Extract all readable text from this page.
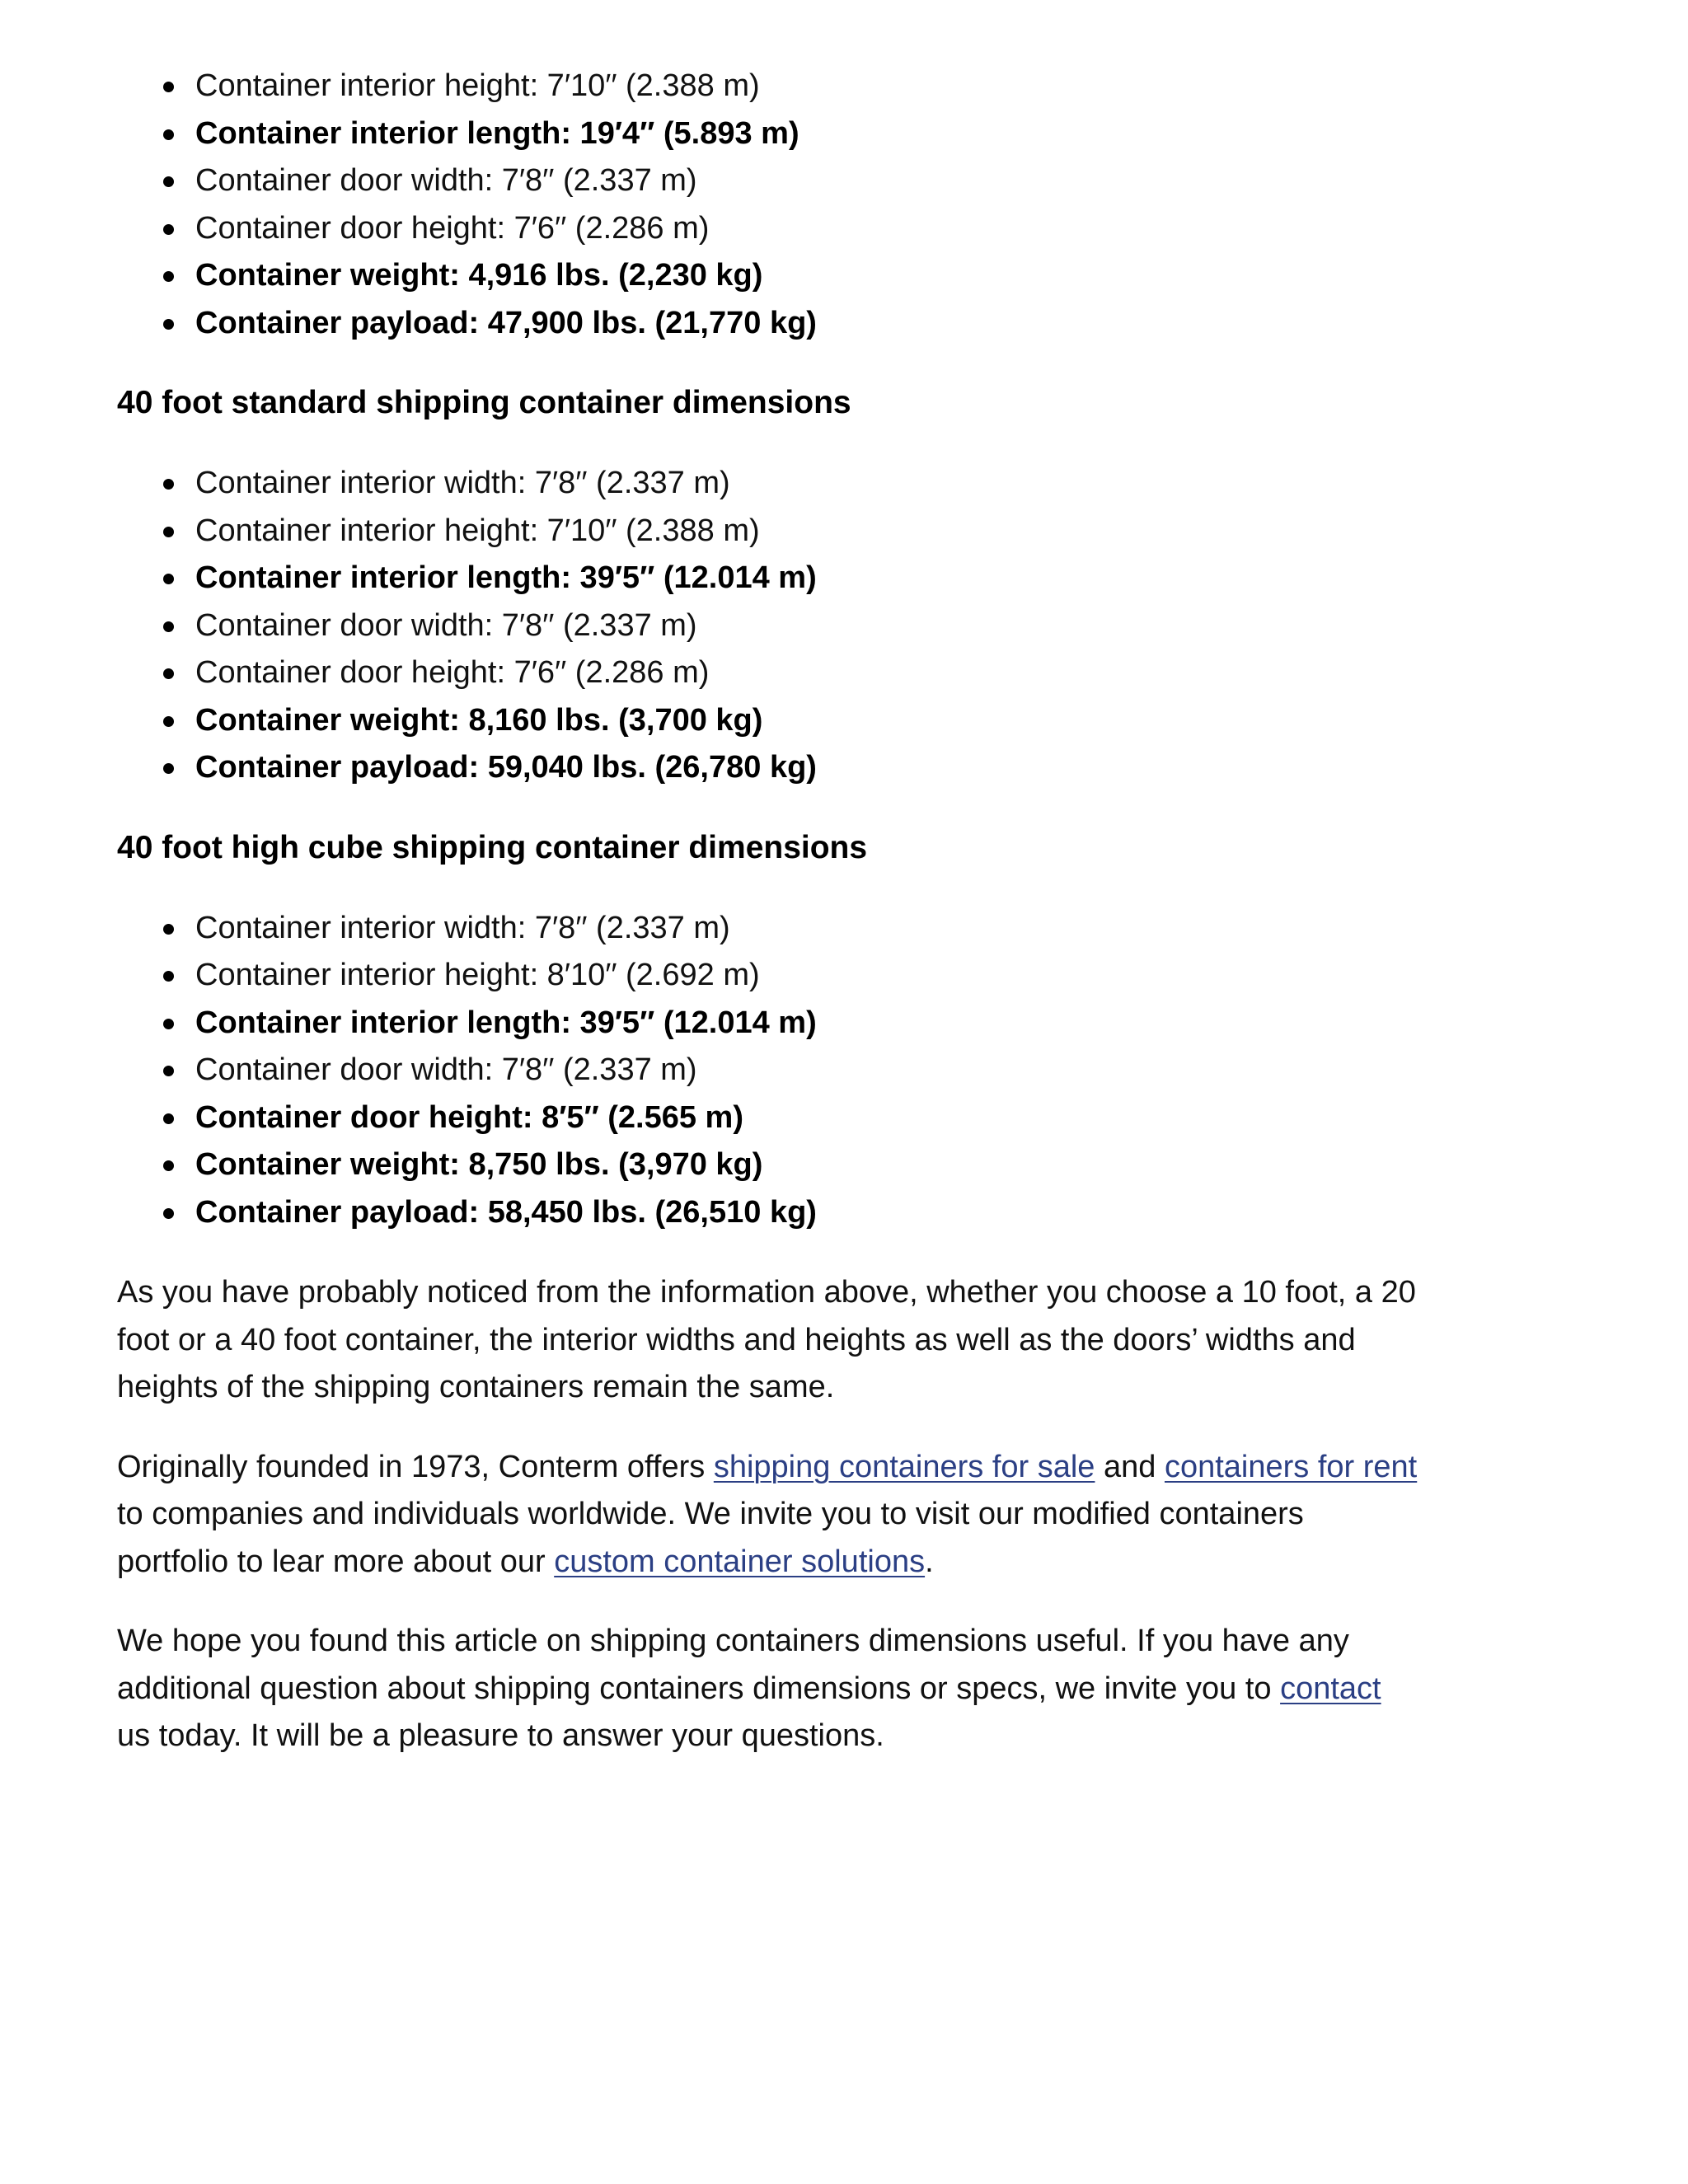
Container interior height: 7′10′′ (2.388 m)
Container interior length: 19′4′′ (5.893 m)
Container door width: 7′8′′ (2.337 m)
Container door height: 7′6′′ (2.286 m)
Container weight: 4,916 lbs. (2,230 kg)
Container payload: 47,900 lbs. (21,770 kg)
40 foot standard shipping container dimensions
Container interior width: 7′8′′ (2.337 m)
Container interior height: 7′10′′ (2.388 m)
Container interior length: 39′5′′ (12.014 m)
Container door width: 7′8′′ (2.337 m)
Container door height: 7′6′′ (2.286 m)
Container weight: 8,160 lbs. (3,700 kg)
Container payload: 59,040 lbs. (26,780 kg)
40 foot high cube shipping container dimensions
Container interior width: 7′8′′ (2.337 m)
Container interior height: 8′10′′ (2.692 m)
Container interior length: 39′5′′ (12.014 m)
Container door width: 7′8′′ (2.337 m)
Container door height: 8′5′′ (2.565 m)
Container weight: 8,750 lbs. (3,970 kg)
Container payload: 58,450 lbs. (26,510 kg)

As you have probably noticed from the information above, whether you choose a 10 foot, a 20 foot or a 40 foot container, the interior widths and heights as well as the doors’ widths and heights of the shipping containers remain the same.

Originally founded in 1973, Conterm offers shipping containers for sale and containers for rent to companies and individuals worldwide. We invite you to visit our modified containers portfolio to lear more about our custom container solutions.

We hope you found this article on shipping containers dimensions useful. If you have any additional question about shipping containers dimensions or specs, we invite you to contact us today. It will be a pleasure to answer your questions.
